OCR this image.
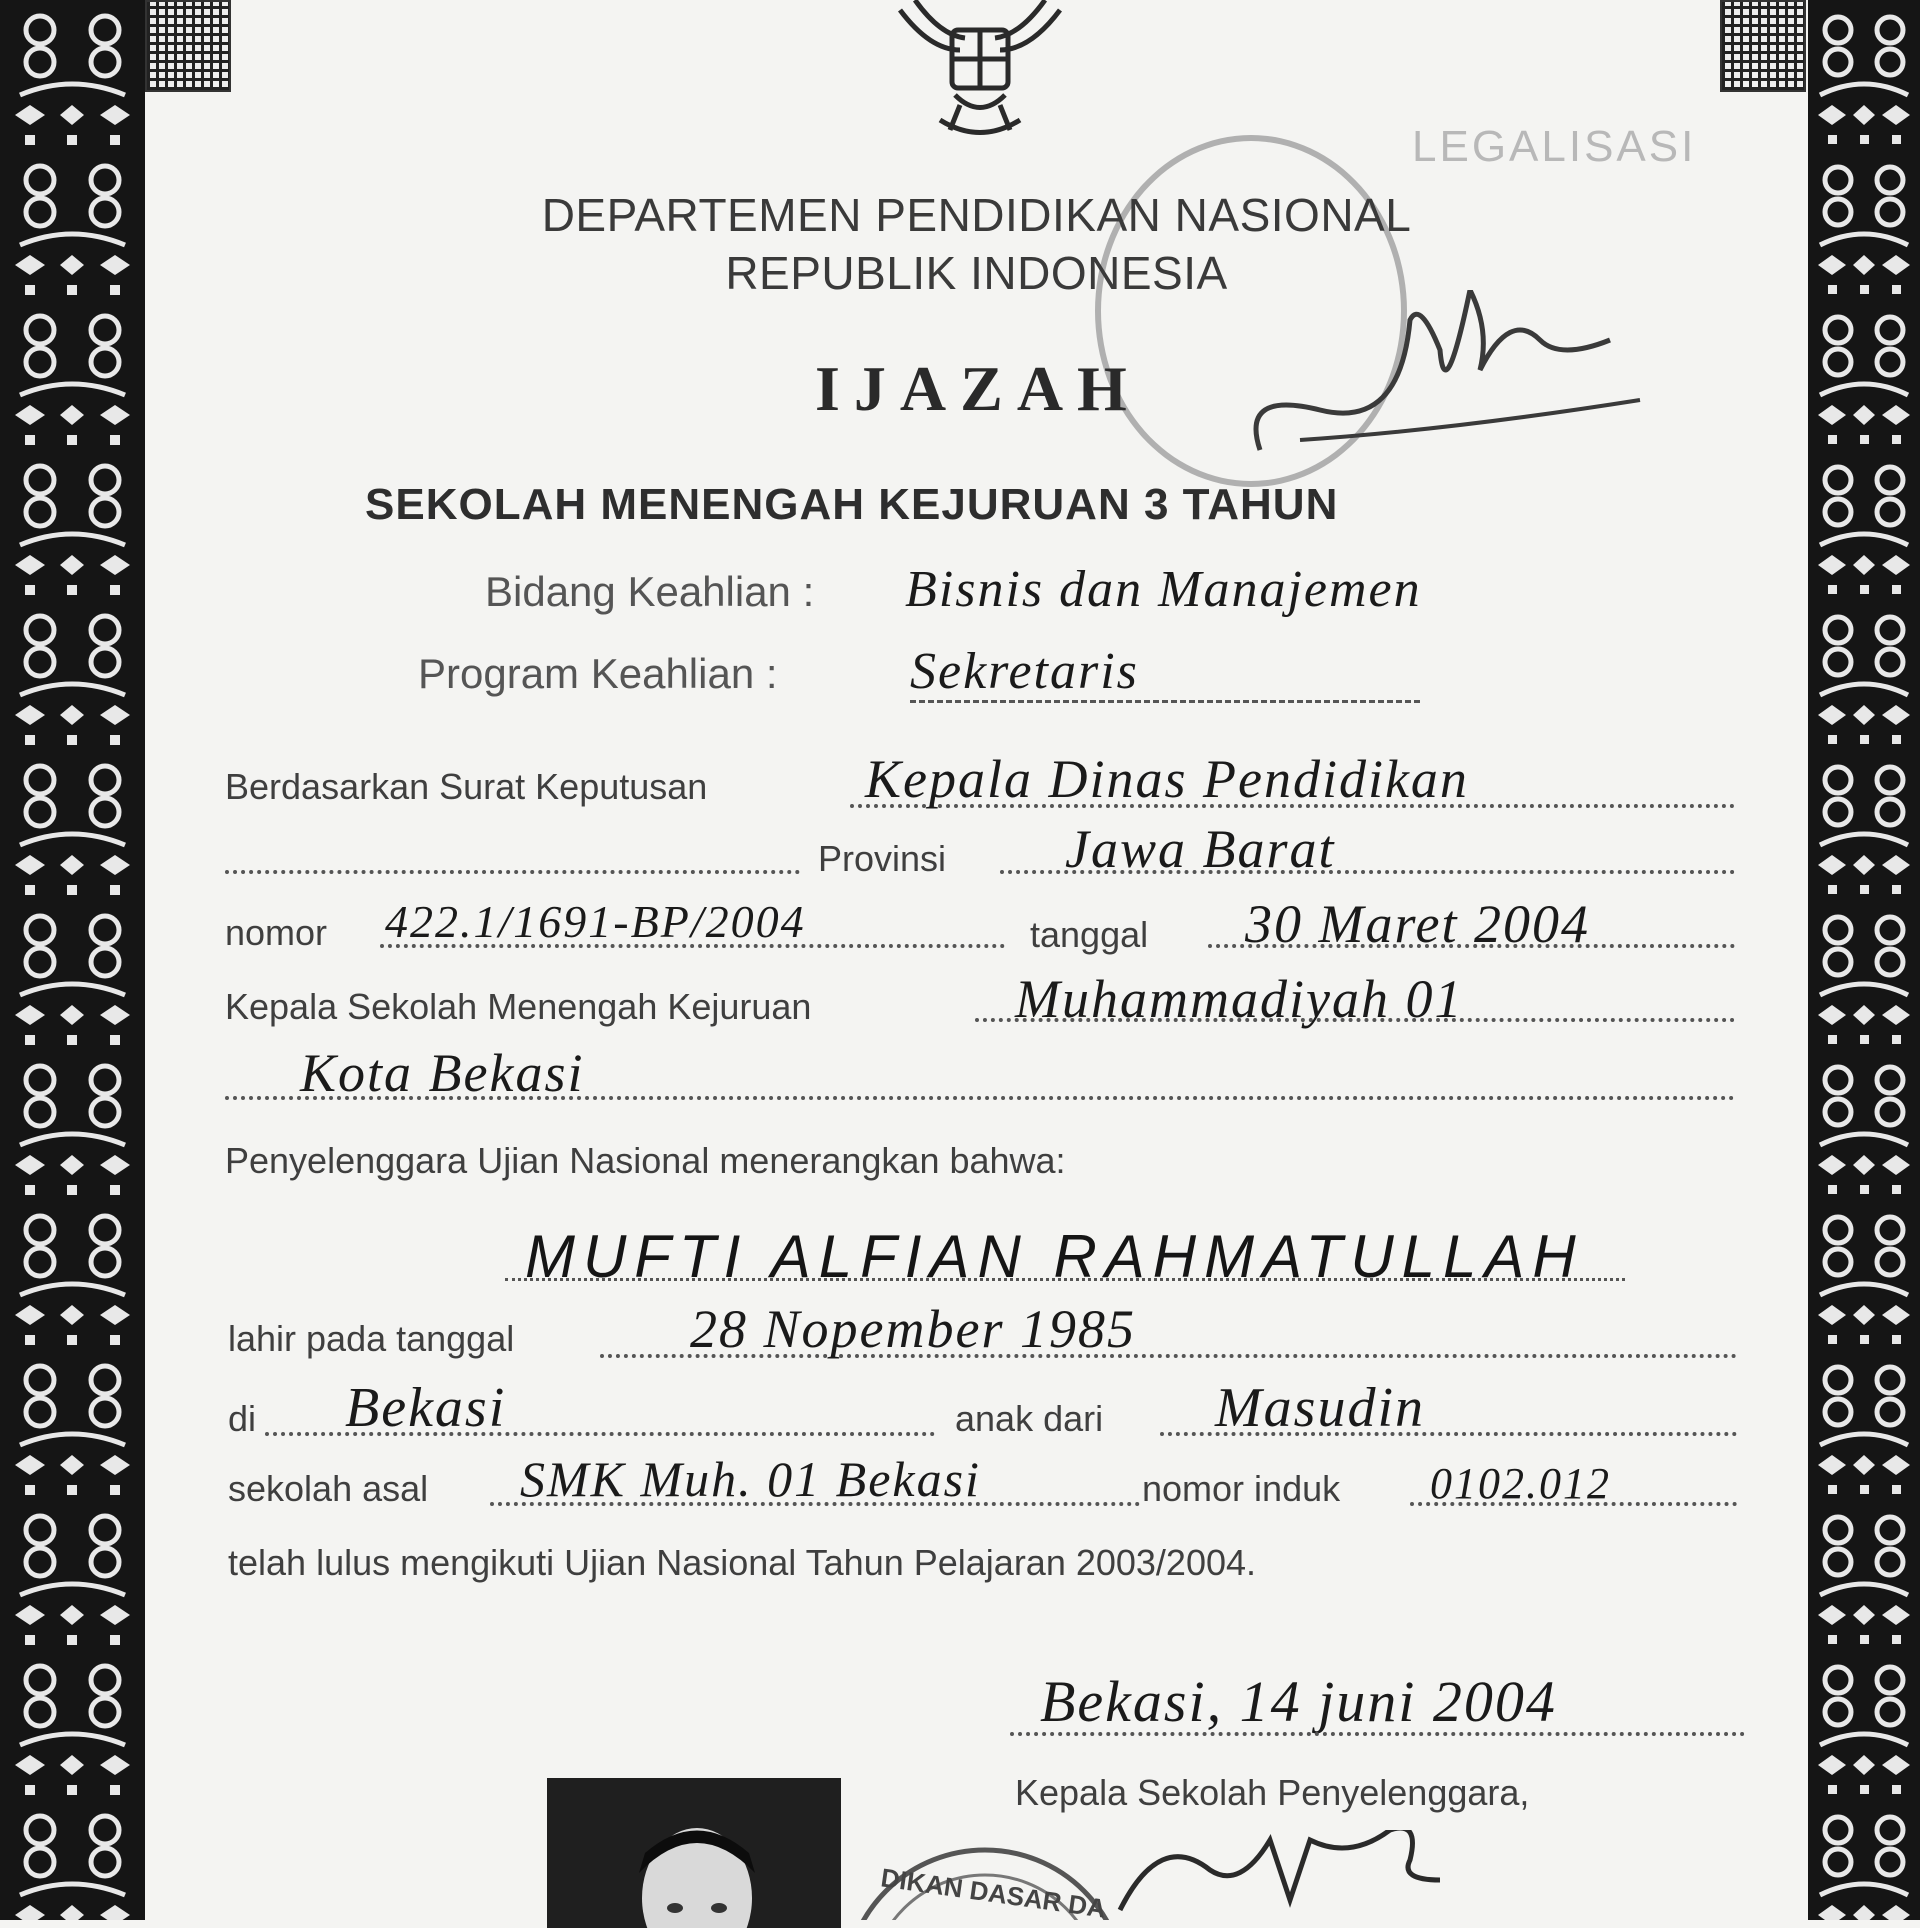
LEGALISASI
DEPARTEMEN PENDIDIKAN NASIONAL
REPUBLIK INDONESIA
IJAZAH
SEKOLAH MENENGAH KEJURUAN 3 TAHUN
Bidang Keahlian : Bisnis dan Manajemen
Program Keahlian :	Sekretaris
Berdasarkan Surat Keputusan	Kepala Dinas Pendidikan
Provinsi Jawa Barat
nomor 422.1/1691-BP/2004	tanggal 30 Maret 2004
Kepala Sekolah Menengah Kejuruan	Muhammadiyah 01
Kota Bekasi
Penyelenggara Ujian Nasional menerangkan bahwa:
MUFTI ALFIAN RAHMATULLAH
lahir pada tanggal	28 Nopember 1985
di Bekasi	anak dari Masudin
sekolah asal SMK Muh. 01 Bekasi	nomor induk 0102.012
telah lulus mengikuti Ujian Nasional Tahun Pelajaran 2003/2004.
Bekasi, 14 juni 2004
Kepala Sekolah Penyelenggara,
DIKAN DASAR DA
